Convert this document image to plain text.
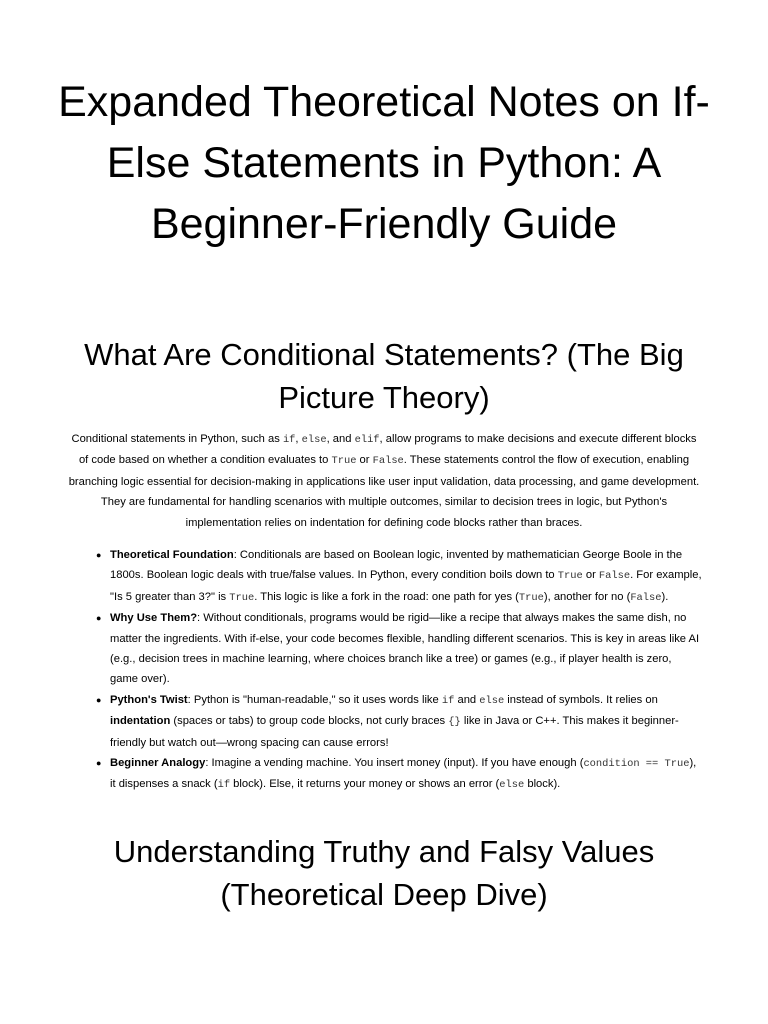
Expanded Theoretical Notes on If-Else Statements in Python: A Beginner-Friendly Guide
What Are Conditional Statements? (The Big Picture Theory)

Conditional statements in Python, such as if, else, and elif, allow programs to make decisions and execute different blocks of code based on whether a condition evaluates to True or False. These statements control the flow of execution, enabling branching logic essential for decision-making in applications like user input validation, data processing, and game development. They are fundamental for handling scenarios with multiple outcomes, similar to decision trees in logic, but Python's implementation relies on indentation for defining code blocks rather than braces.

● Theoretical Foundation: Conditionals are based on Boolean logic, invented by mathematician George Boole in the 1800s. Boolean logic deals with true/false values. In Python, every condition boils down to True or False. For example, "Is 5 greater than 3?" is True. This logic is like a fork in the road: one path for yes (True), another for no (False).
● Why Use Them?: Without conditionals, programs would be rigid—like a recipe that always makes the same dish, no matter the ingredients. With if-else, your code becomes flexible, handling different scenarios. This is key in areas like AI (e.g., decision trees in machine learning, where choices branch like a tree) or games (e.g., if player health is zero, game over).
● Python's Twist: Python is "human-readable," so it uses words like if and else instead of symbols. It relies on indentation (spaces or tabs) to group code blocks, not curly braces {} like in Java or C++. This makes it beginner-friendly but watch out—wrong spacing can cause errors!
● Beginner Analogy: Imagine a vending machine. You insert money (input). If you have enough (condition == True), it dispenses a snack (if block). Else, it returns your money or shows an error (else block).
Understanding Truthy and Falsy Values (Theoretical Deep Dive)
